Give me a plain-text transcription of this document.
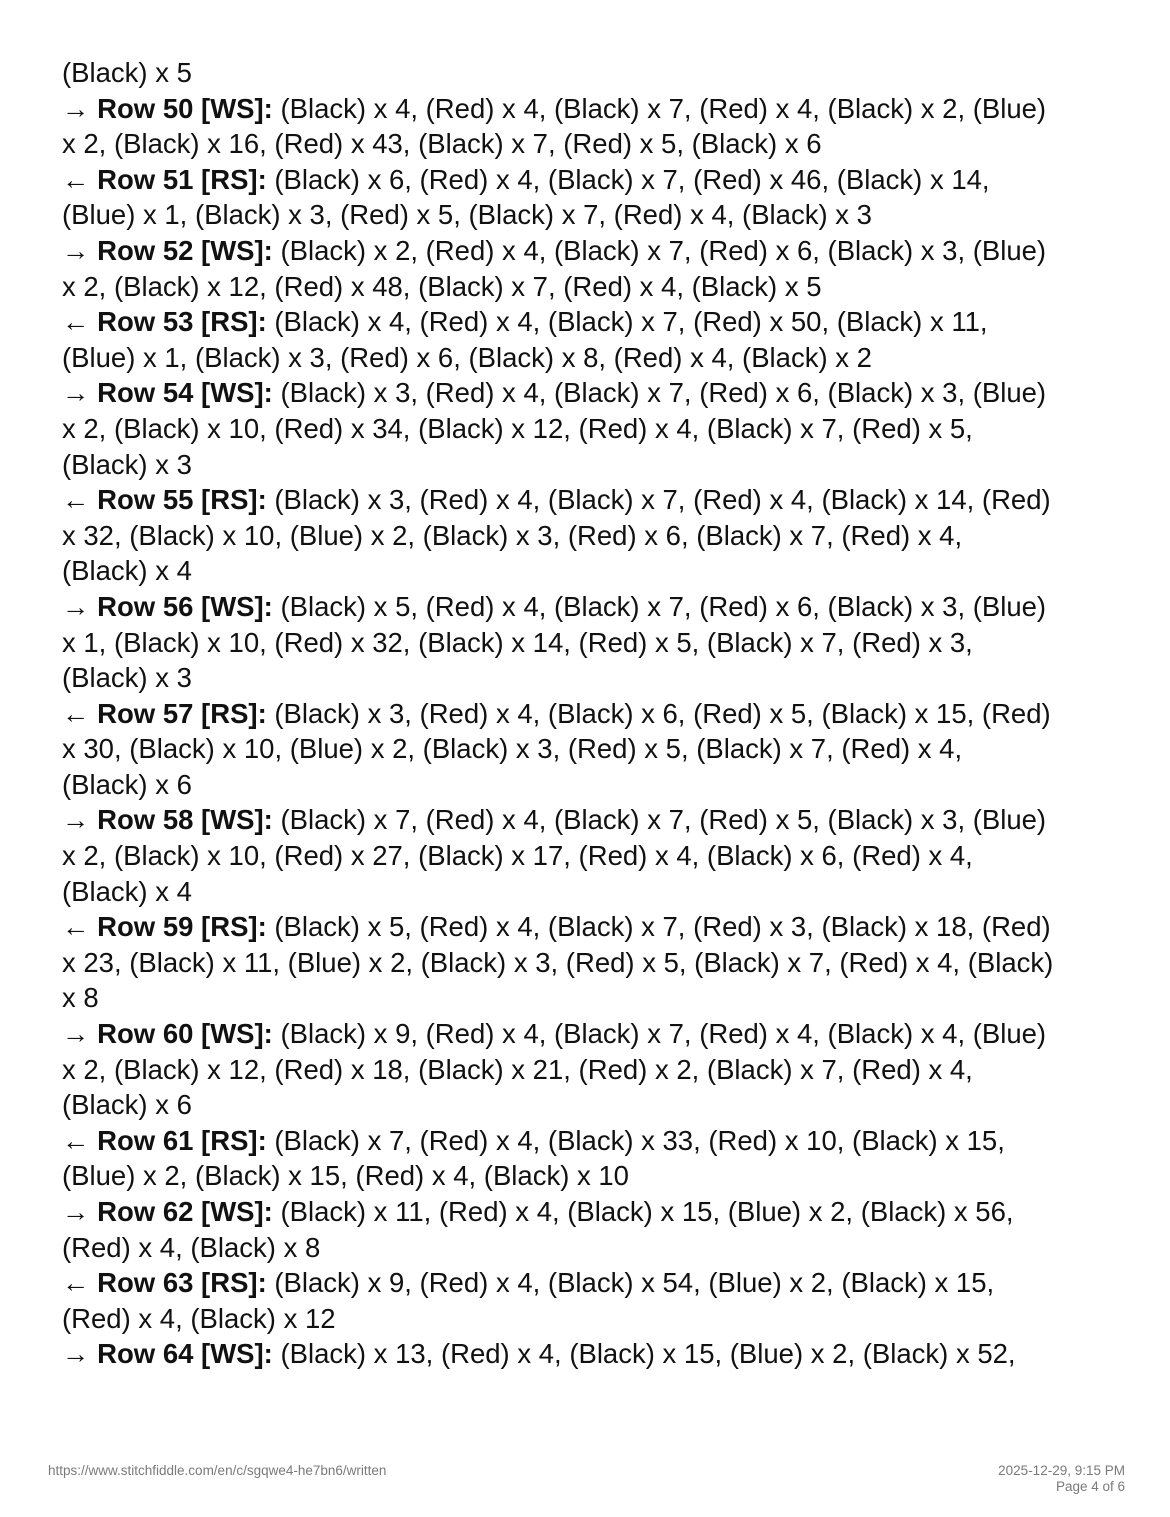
(Black) x 5
→ Row 50 [WS]: (Black) x 4, (Red) x 4, (Black) x 7, (Red) x 4, (Black) x 2, (Blue)
x 2, (Black) x 16, (Red) x 43, (Black) x 7, (Red) x 5, (Black) x 6
← Row 51 [RS]: (Black) x 6, (Red) x 4, (Black) x 7, (Red) x 46, (Black) x 14,
(Blue) x 1, (Black) x 3, (Red) x 5, (Black) x 7, (Red) x 4, (Black) x 3
→ Row 52 [WS]: (Black) x 2, (Red) x 4, (Black) x 7, (Red) x 6, (Black) x 3, (Blue)
x 2, (Black) x 12, (Red) x 48, (Black) x 7, (Red) x 4, (Black) x 5
← Row 53 [RS]: (Black) x 4, (Red) x 4, (Black) x 7, (Red) x 50, (Black) x 11,
(Blue) x 1, (Black) x 3, (Red) x 6, (Black) x 8, (Red) x 4, (Black) x 2
→ Row 54 [WS]: (Black) x 3, (Red) x 4, (Black) x 7, (Red) x 6, (Black) x 3, (Blue)
x 2, (Black) x 10, (Red) x 34, (Black) x 12, (Red) x 4, (Black) x 7, (Red) x 5,
(Black) x 3
← Row 55 [RS]: (Black) x 3, (Red) x 4, (Black) x 7, (Red) x 4, (Black) x 14, (Red)
x 32, (Black) x 10, (Blue) x 2, (Black) x 3, (Red) x 6, (Black) x 7, (Red) x 4,
(Black) x 4
→ Row 56 [WS]: (Black) x 5, (Red) x 4, (Black) x 7, (Red) x 6, (Black) x 3, (Blue)
x 1, (Black) x 10, (Red) x 32, (Black) x 14, (Red) x 5, (Black) x 7, (Red) x 3,
(Black) x 3
← Row 57 [RS]: (Black) x 3, (Red) x 4, (Black) x 6, (Red) x 5, (Black) x 15, (Red)
x 30, (Black) x 10, (Blue) x 2, (Black) x 3, (Red) x 5, (Black) x 7, (Red) x 4,
(Black) x 6
→ Row 58 [WS]: (Black) x 7, (Red) x 4, (Black) x 7, (Red) x 5, (Black) x 3, (Blue)
x 2, (Black) x 10, (Red) x 27, (Black) x 17, (Red) x 4, (Black) x 6, (Red) x 4,
(Black) x 4
← Row 59 [RS]: (Black) x 5, (Red) x 4, (Black) x 7, (Red) x 3, (Black) x 18, (Red)
x 23, (Black) x 11, (Blue) x 2, (Black) x 3, (Red) x 5, (Black) x 7, (Red) x 4, (Black)
x 8
→ Row 60 [WS]: (Black) x 9, (Red) x 4, (Black) x 7, (Red) x 4, (Black) x 4, (Blue)
x 2, (Black) x 12, (Red) x 18, (Black) x 21, (Red) x 2, (Black) x 7, (Red) x 4,
(Black) x 6
← Row 61 [RS]: (Black) x 7, (Red) x 4, (Black) x 33, (Red) x 10, (Black) x 15,
(Blue) x 2, (Black) x 15, (Red) x 4, (Black) x 10
→ Row 62 [WS]: (Black) x 11, (Red) x 4, (Black) x 15, (Blue) x 2, (Black) x 56,
(Red) x 4, (Black) x 8
← Row 63 [RS]: (Black) x 9, (Red) x 4, (Black) x 54, (Blue) x 2, (Black) x 15,
(Red) x 4, (Black) x 12
→ Row 64 [WS]: (Black) x 13, (Red) x 4, (Black) x 15, (Blue) x 2, (Black) x 52,
https://www.stitchfiddle.com/en/c/sgqwe4-he7bn6/written	2025-12-29, 9:15 PM
Page 4 of 6
